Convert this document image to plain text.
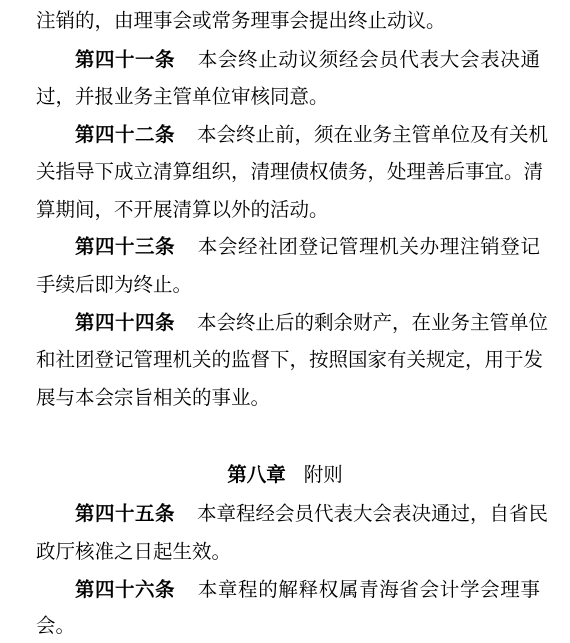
注销的，由理事会或常务理事会提出终止动议。
第四十一条 本会终止动议须经会员代表大会表决通
过，并报业务主管单位审核同意。
第四十二条 本会终止前，须在业务主管单位及有关机
关指导下成立清算组织，清理债权债务，处理善后事宜。清
算期间，不开展清算以外的活动。
第四十三条 本会经社团登记管理机关办理注销登记
手续后即为终止。
第四十四条 本会终止后的剩余财产，在业务主管单位
和社团登记管理机关的监督下，按照国家有关规定，用于发
展与本会宗旨相关的事业。
第八章 附则
第四十五条 本章程经会员代表大会表决通过，自省民
政厅核准之日起生效。
第四十六条 本章程的解释权属青海省会计学会理事
会。
